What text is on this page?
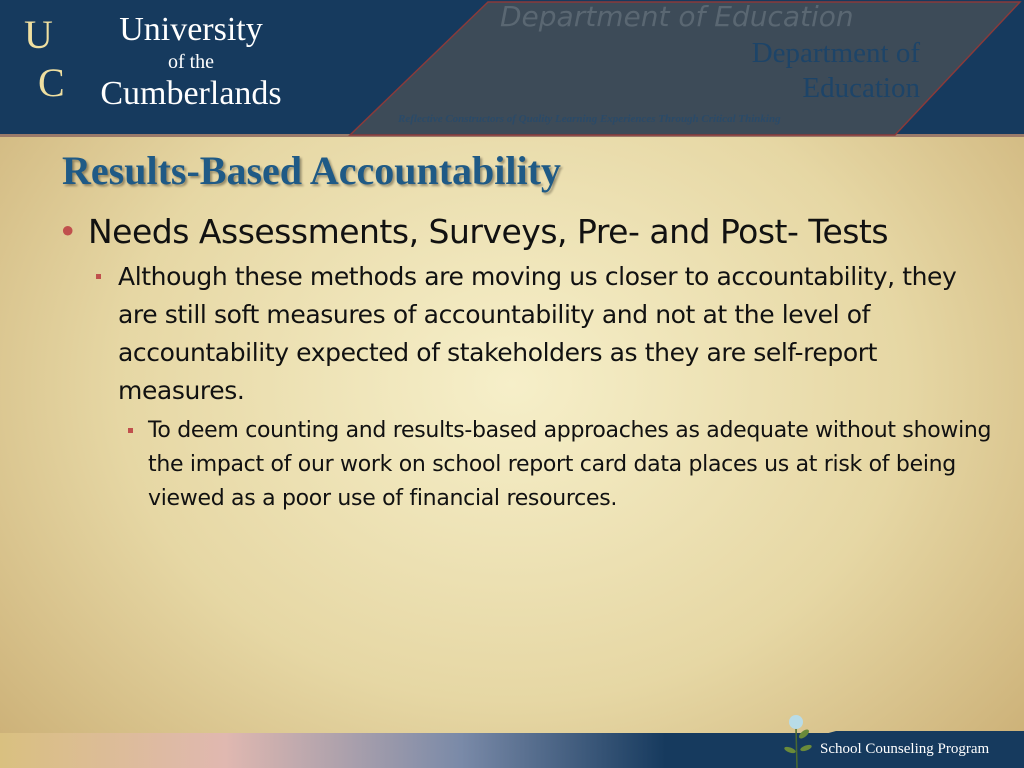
Department of Education
U
C
University
of the
Cumberlands
Department of Education
Reflective Constructors of Quality Learning Experiences Through Critical Thinking
Results-Based Accountability
• Needs Assessments, Surveys, Pre- and Post- Tests
Although these methods are moving us closer to accountability, they are still soft measures of accountability and not at the level of accountability expected of stakeholders as they are self-report measures.
To deem counting and results-based approaches as adequate without showing the impact of our work on school report card data places us at risk of being viewed as a poor use of financial resources.
School Counseling Program
